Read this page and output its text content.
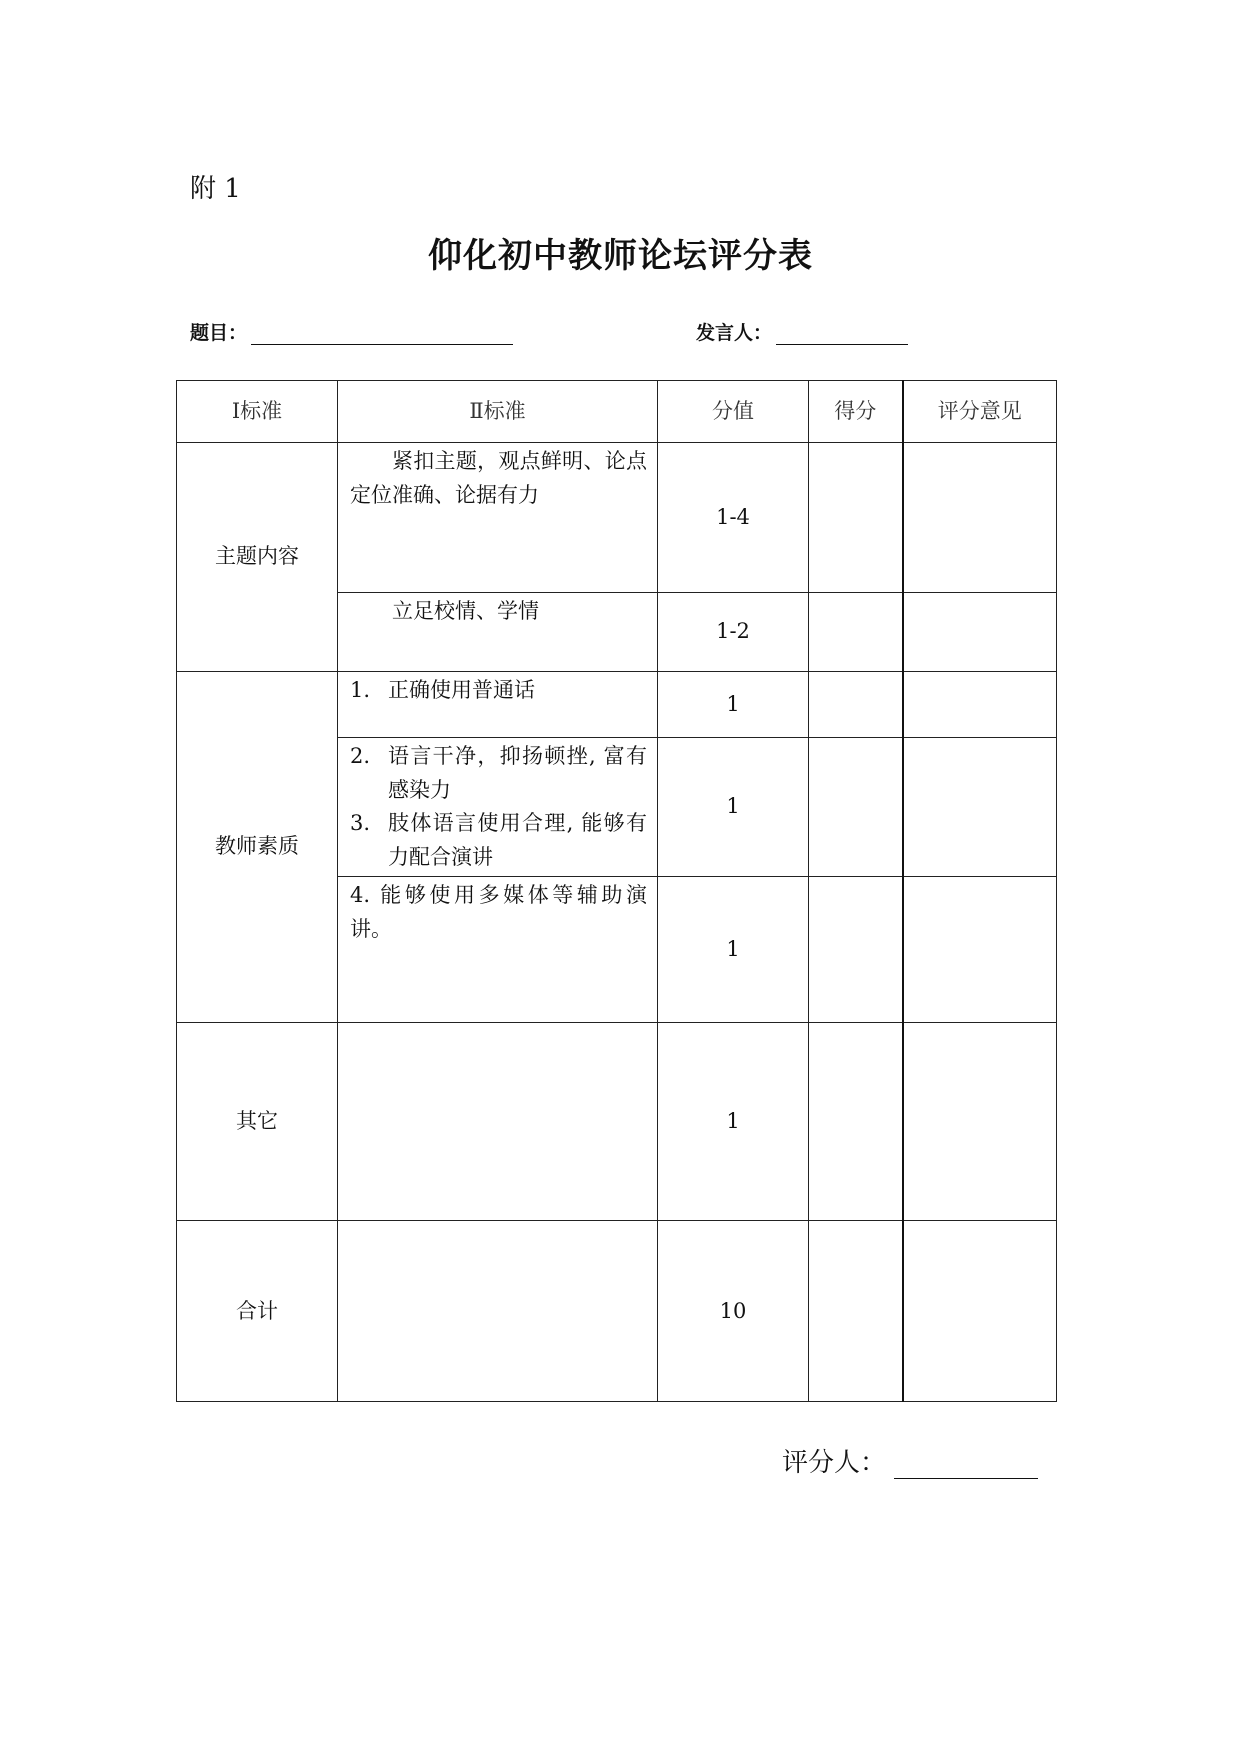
附 1
仰化初中教师论坛评分表
题目：	发言人：
Ⅰ标准	Ⅱ标准	分值	得分	评分意见
主题内容	紧扣主题，观点鲜明、论点定位准确、论据有力	1-4		

	立足校情、学情	1-2		
教师素质	1. 正确使用普通话	1		

	2. 语言干净，抑扬顿挫, 富有感染力
3. 肢体语言使用合理, 能够有力配合演讲	1		

	4. 能够使用多媒体等辅助演讲。	1		
其它		1		
合计		10		
评分人：
